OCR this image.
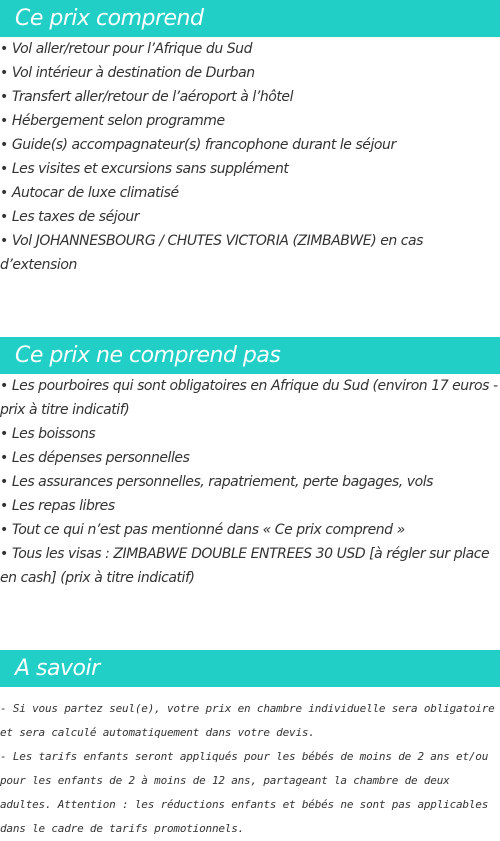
Ce prix comprend
• Vol aller/retour pour l’Afrique du Sud
• Vol intérieur à destination de Durban
• Transfert aller/retour de l’aéroport à l’hôtel
• Hébergement selon programme
• Guide(s) accompagnateur(s) francophone durant le séjour
• Les visites et excursions sans supplément
• Autocar de luxe climatisé
• Les taxes de séjour
• Vol JOHANNESBOURG / CHUTES VICTORIA (ZIMBABWE) en cas d’extension
Ce prix ne comprend pas
• Les pourboires qui sont obligatoires en Afrique du Sud (environ 17 euros - prix à titre indicatif)
• Les boissons
• Les dépenses personnelles
• Les assurances personnelles, rapatriement, perte bagages, vols
• Les repas libres
• Tout ce qui n’est pas mentionné dans « Ce prix comprend »
• Tous les visas : ZIMBABWE DOUBLE ENTREES 30 USD [à régler sur place en cash] (prix à titre indicatif)
A savoir

- Si vous partez seul(e), votre prix en chambre individuelle sera obligatoire et sera calculé automatiquement dans votre devis.

- Les tarifs enfants seront appliqués pour les bébés de moins de 2 ans et/ou pour les enfants de 2 à moins de 12 ans, partageant la chambre de deux adultes. Attention : les réductions enfants et bébés ne sont pas applicables dans le cadre de tarifs promotionnels.
